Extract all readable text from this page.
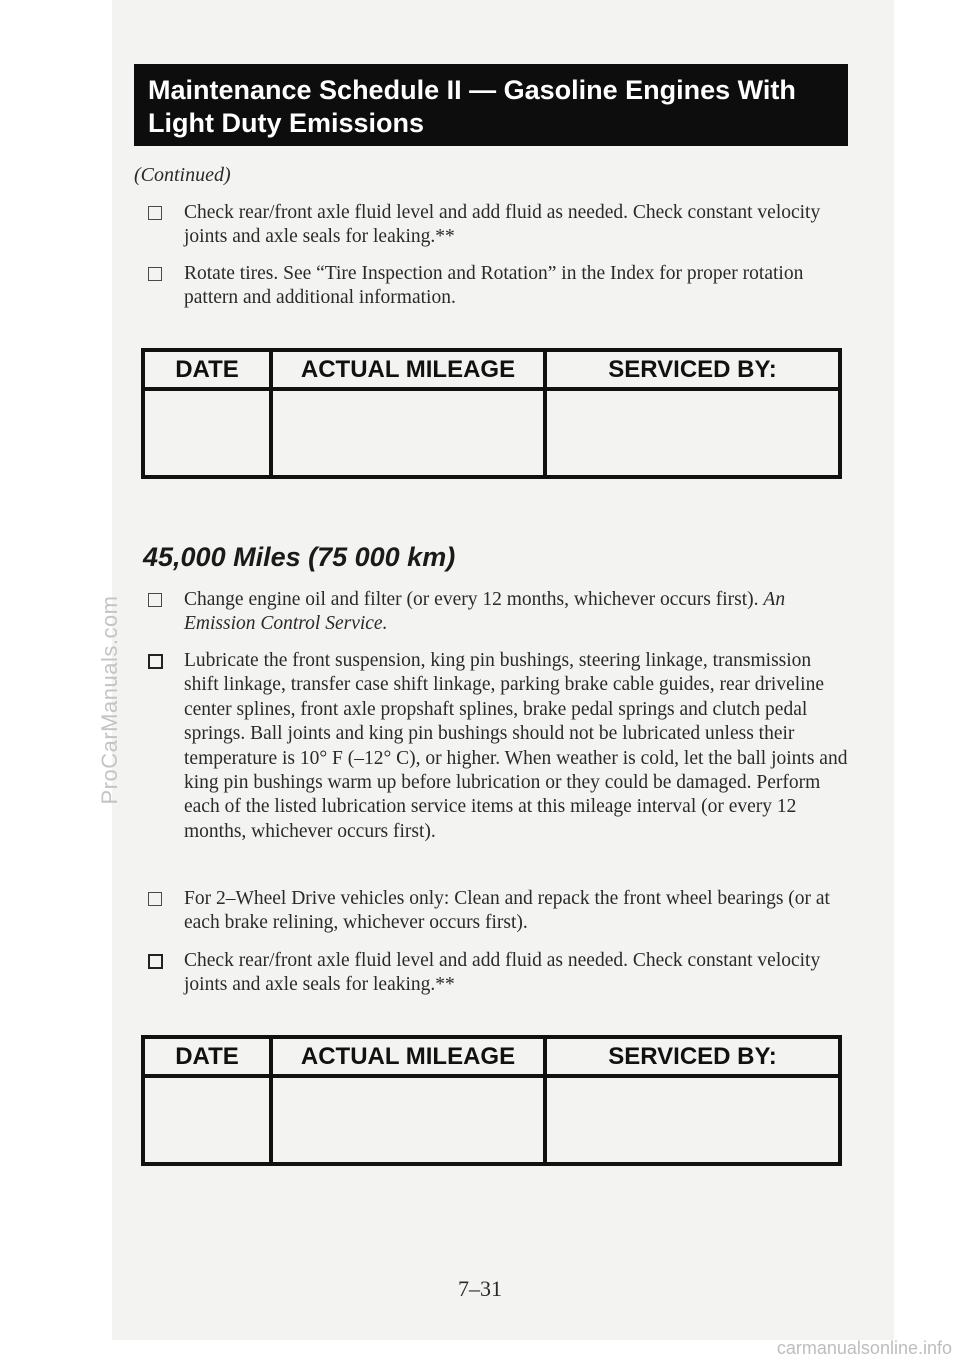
ProCarManuals.com
Maintenance Schedule II — Gasoline Engines With
Light Duty Emissions
(Continued)
Check rear/front axle fluid level and add fluid as needed. Check constant velocity joints and axle seals for leaking.**
Rotate tires. See “Tire Inspection and Rotation” in the Index for proper rotation pattern and additional information.
DATE	ACTUAL MILEAGE	SERVICED BY:

45,000 Miles (75 000 km)
Change engine oil and filter (or every 12 months, whichever occurs first). An Emission Control Service.
Lubricate the front suspension, king pin bushings, steering linkage, transmission shift linkage, transfer case shift linkage, parking brake cable guides, rear driveline center splines, front axle propshaft splines, brake pedal springs and clutch pedal springs. Ball joints and king pin bushings should not be lubricated unless their temperature is 10° F (–12° C), or higher. When weather is cold, let the ball joints and king pin bushings warm up before lubrication or they could be damaged. Perform each of the listed lubrication service items at this mileage interval (or every 12 months, whichever occurs first).
For 2–Wheel Drive vehicles only: Clean and repack the front wheel bearings (or at each brake relining, whichever occurs first).
Check rear/front axle fluid level and add fluid as needed. Check constant velocity joints and axle seals for leaking.**
DATE	ACTUAL MILEAGE	SERVICED BY:

7–31
carmanualsonline.info
